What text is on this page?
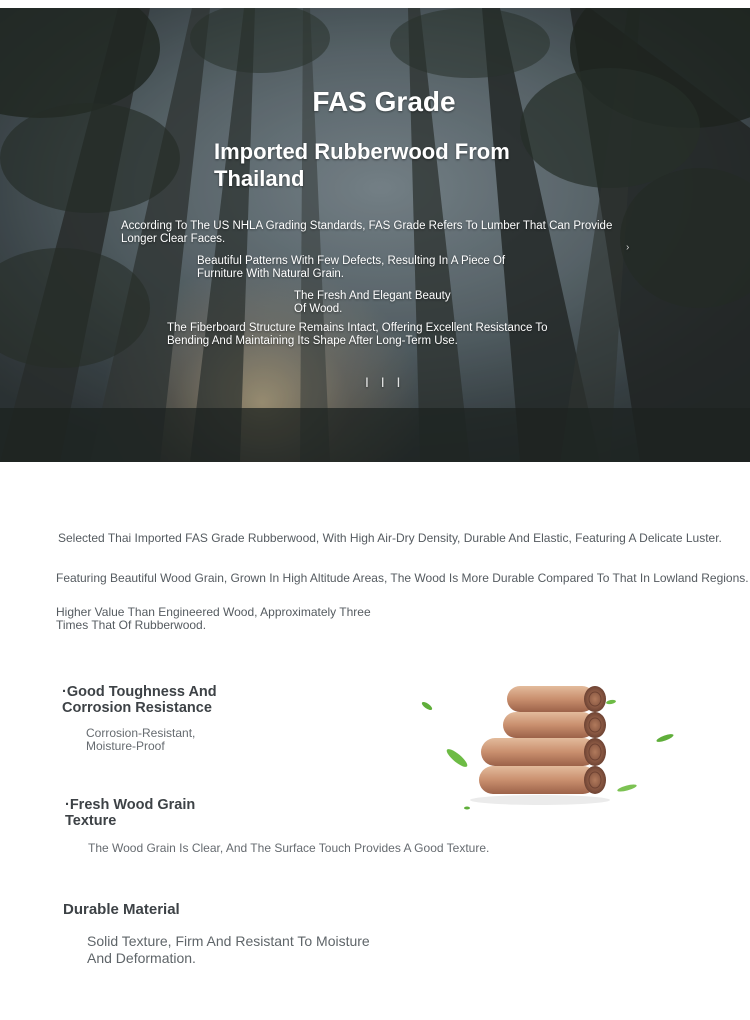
FAS Grade
Imported Rubberwood From Thailand
According To The US NHLA Grading Standards, FAS Grade Refers To Lumber That Can Provide Longer Clear Faces.
Beautiful Patterns With Few Defects, Resulting In A Piece Of Furniture With Natural Grain.
The Fresh And Elegant Beauty Of Wood.
The Fiberboard Structure Remains Intact, Offering Excellent Resistance To Bending And Maintaining Its Shape After Long-Term Use.
I I I
›

Selected Thai Imported FAS Grade Rubberwood, With High Air-Dry Density, Durable And Elastic, Featuring A Delicate Luster.

Featuring Beautiful Wood Grain, Grown In High Altitude Areas, The Wood Is More Durable Compared To That In Lowland Regions.

Higher Value Than Engineered Wood, Approximately Three Times That Of Rubberwood.

·Good Toughness And Corrosion Resistance

Corrosion-Resistant, Moisture-Proof

·Fresh Wood Grain Texture

The Wood Grain Is Clear, And The Surface Touch Provides A Good Texture.

Durable Material

Solid Texture, Firm And Resistant To Moisture And Deformation.
